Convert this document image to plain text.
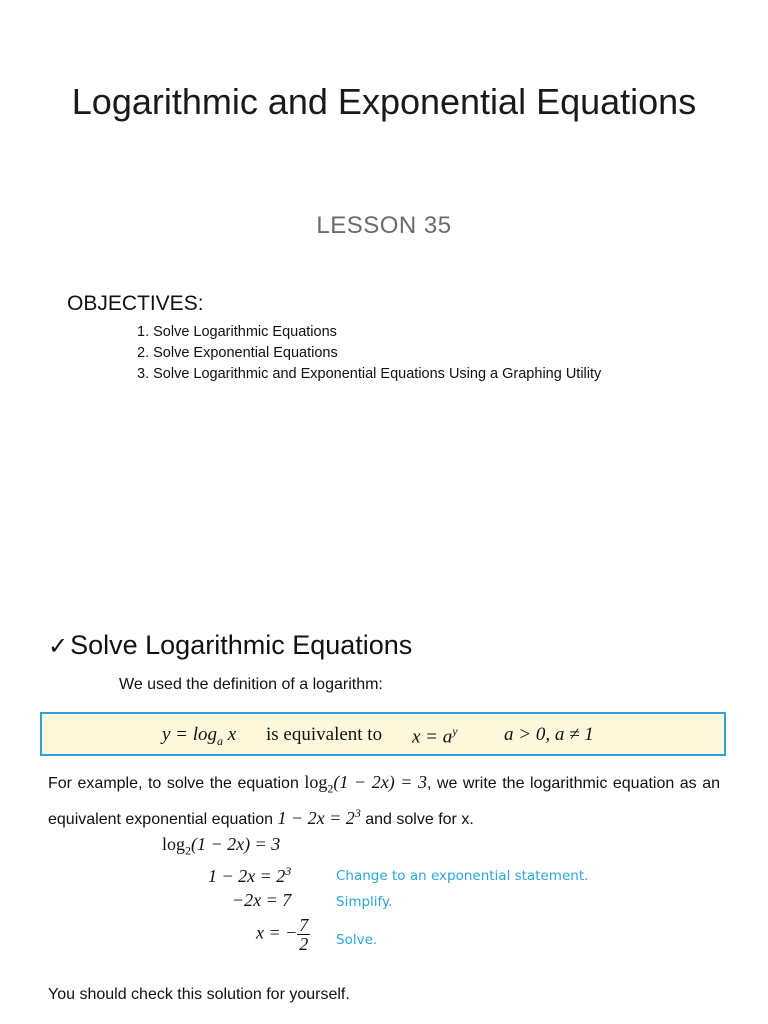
Logarithmic and Exponential Equations
LESSON 35
OBJECTIVES:
1. Solve Logarithmic Equations
2. Solve Exponential Equations
3. Solve Logarithmic and Exponential Equations Using a Graphing Utility
✓Solve Logarithmic Equations
We used the definition of a logarithm:
$y = \log_a x$ is equivalent to $x = a^y$ a > 0, a ≠ 1
For example, to solve the equation $\log_2(1 - 2x) = 3$, we write the logarithmic equation as an equivalent exponential equation $1 - 2x = 2^3$ and solve for x.
$\log_2(1 - 2x) = 3$
$1 - 2x = 2^3$	Change to an exponential statement.
−2x = 7	Simplify.
x = − $\frac{7}{2}$ Solve.
You should check this solution for yourself.
